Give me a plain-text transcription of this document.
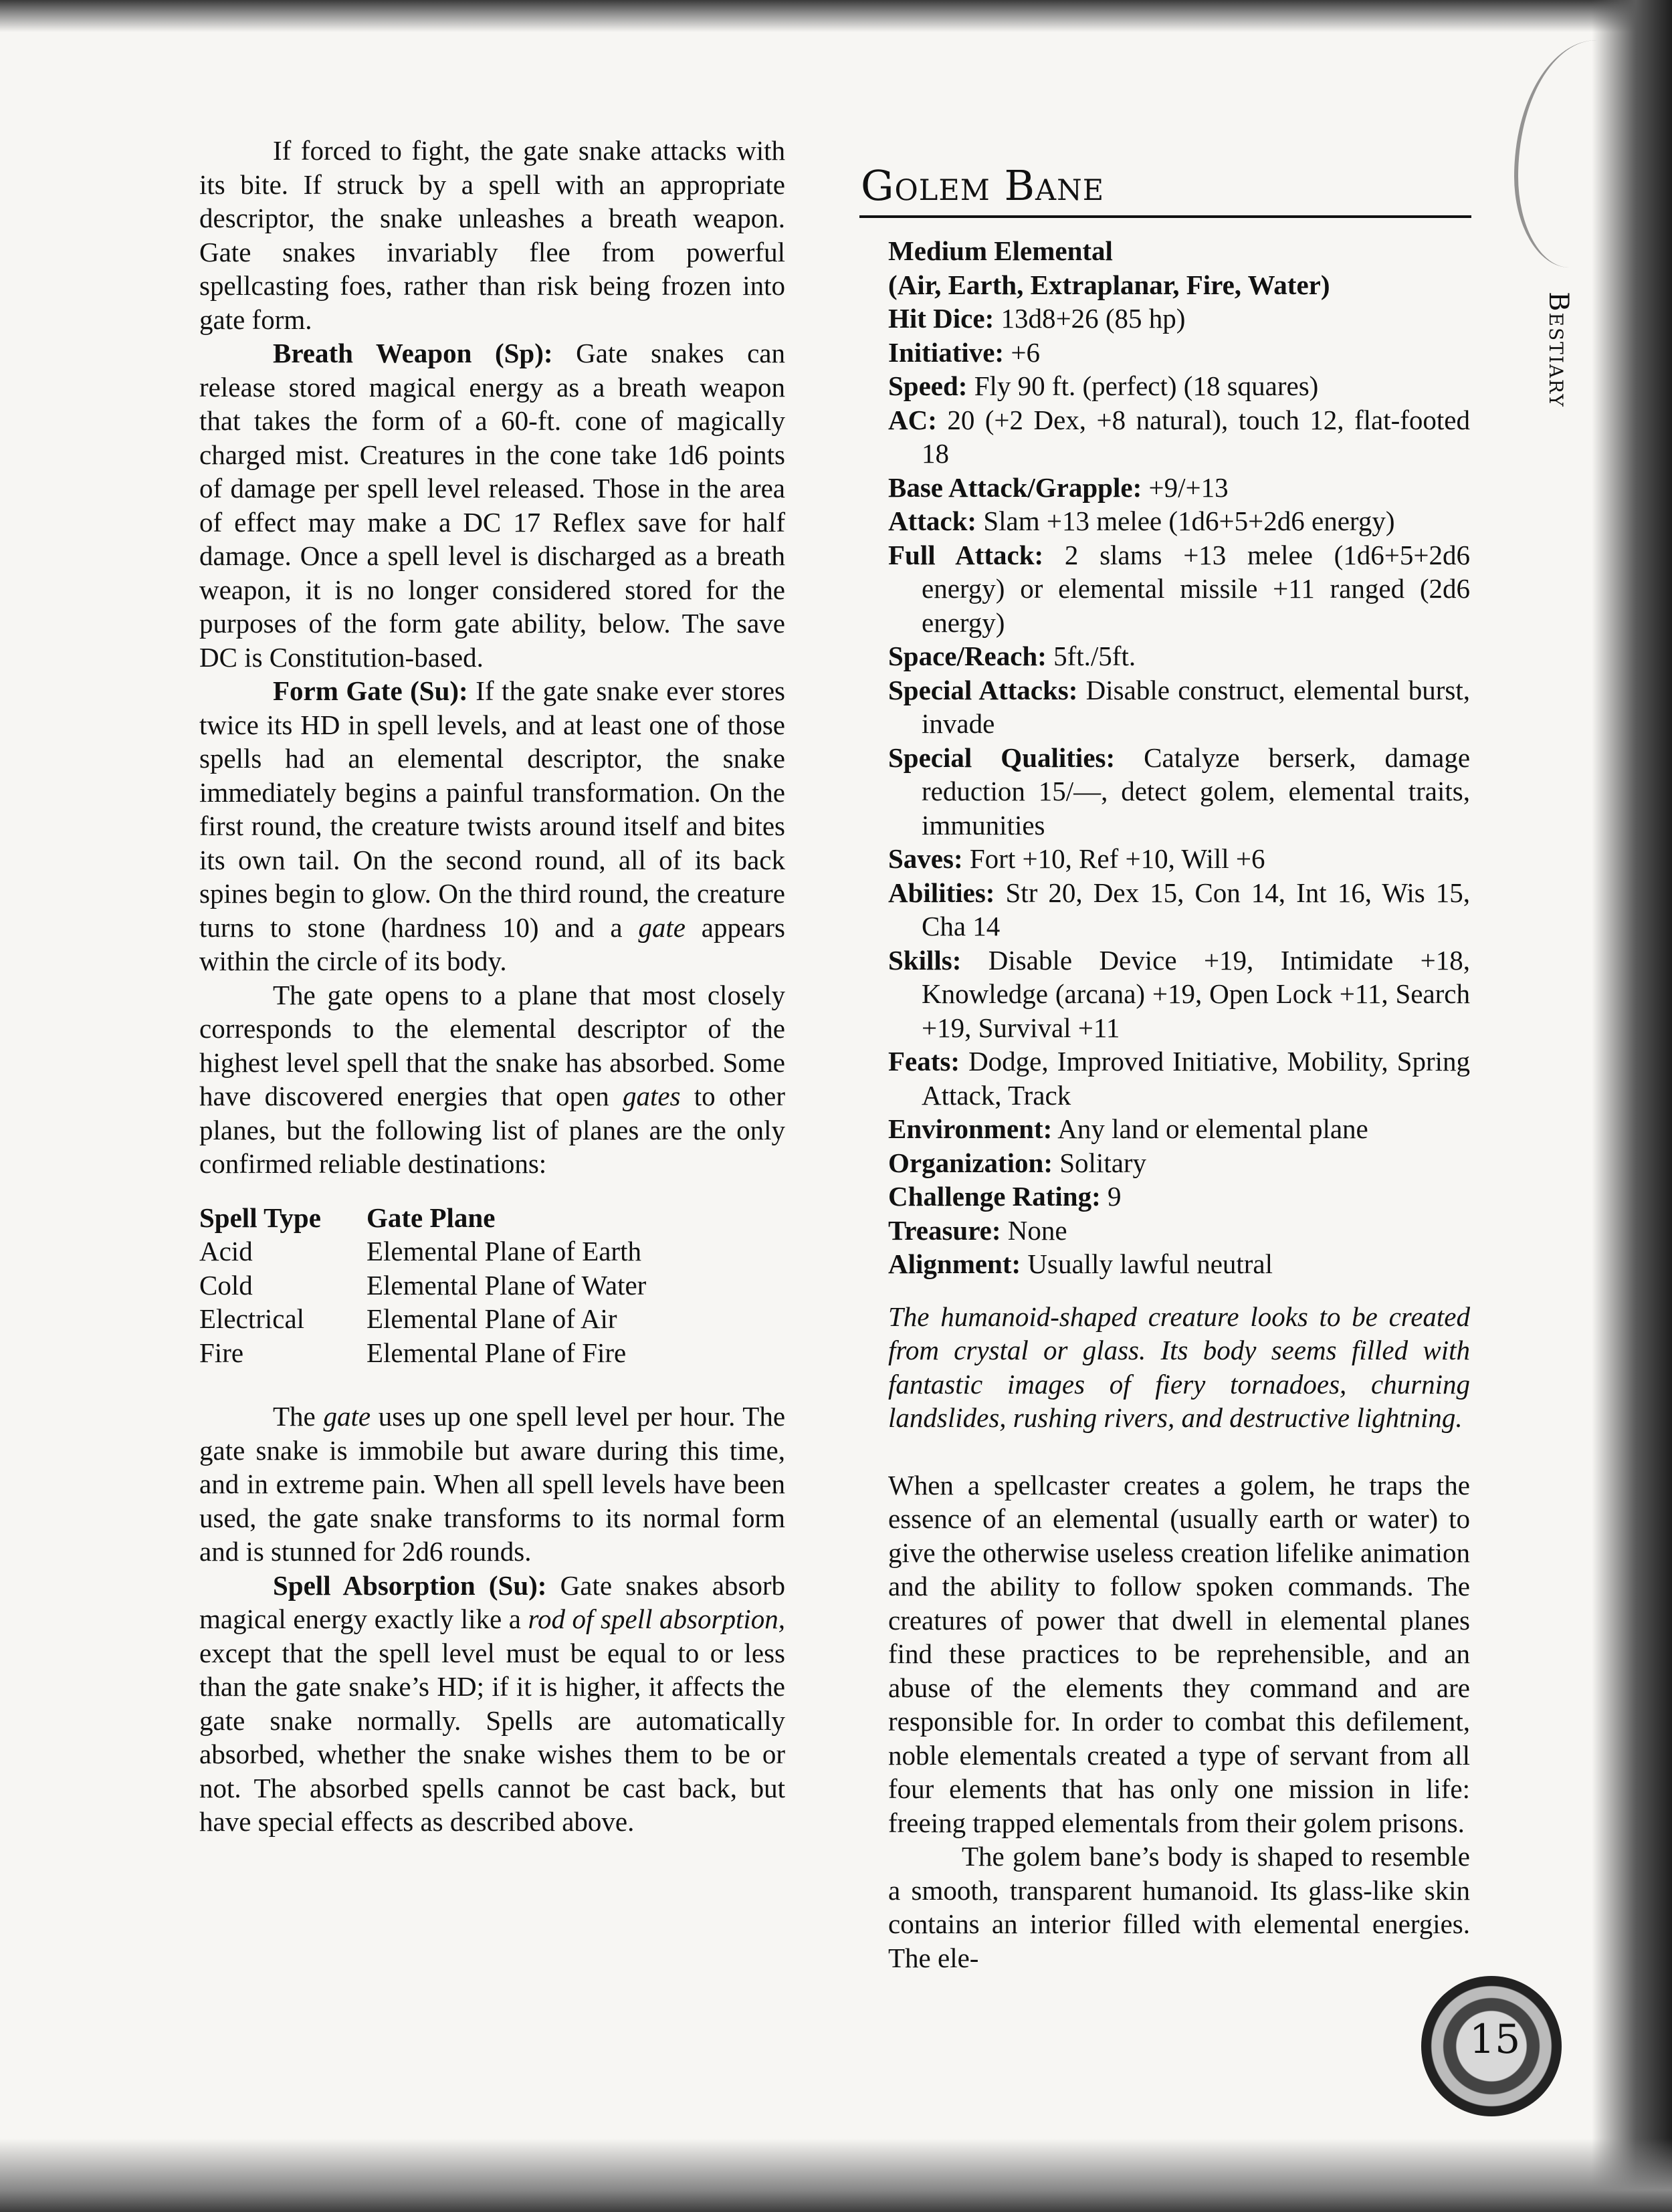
If forced to fight, the gate snake attacks with its bite. If struck by a spell with an appropriate descriptor, the snake unleashes a breath weapon. Gate snakes invariably flee from powerful spellcasting foes, rather than risk being frozen into gate form.

Breath Weapon (Sp): Gate snakes can release stored magical energy as a breath weapon that takes the form of a 60-ft. cone of magically charged mist. Creatures in the cone take 1d6 points of damage per spell level released. Those in the area of effect may make a DC 17 Reflex save for half damage. Once a spell level is discharged as a breath weapon, it is no longer considered stored for the purposes of the form gate ability, below. The save DC is Constitution-based.

Form Gate (Su): If the gate snake ever stores twice its HD in spell levels, and at least one of those spells had an elemental descriptor, the snake immediately begins a painful transformation. On the first round, the creature twists around itself and bites its own tail. On the second round, all of its back spines begin to glow. On the third round, the creature turns to stone (hardness 10) and a gate appears within the circle of its body.

The gate opens to a plane that most closely corresponds to the elemental descriptor of the highest level spell that the snake has absorbed. Some have discovered energies that open gates to other planes, but the following list of planes are the only confirmed reliable destinations:

Spell Type	Gate Plane
Acid	Elemental Plane of Earth
Cold	Elemental Plane of Water
Electrical	Elemental Plane of Air
Fire	Elemental Plane of Fire

The gate uses up one spell level per hour. The gate snake is immobile but aware during this time, and in extreme pain. When all spell levels have been used, the gate snake transforms to its normal form and is stunned for 2d6 rounds.

Spell Absorption (Su): Gate snakes absorb magical energy exactly like a rod of spell absorption, except that the spell level must be equal to or less than the gate snake’s HD; if it is higher, it affects the gate snake normally. Spells are automatically absorbed, whether the snake wishes them to be or not. The absorbed spells cannot be cast back, but have special effects as described above.

Golem Bane

Medium Elemental

(Air, Earth, Extraplanar, Fire, Water)

Hit Dice: 13d8+26 (85 hp)

Initiative: +6

Speed: Fly 90 ft. (perfect) (18 squares)

AC: 20 (+2 Dex, +8 natural), touch 12, flat-footed 18

Base Attack/Grapple: +9/+13

Attack: Slam +13 melee (1d6+5+2d6 energy)

Full Attack: 2 slams +13 melee (1d6+5+2d6 energy) or elemental missile +11 ranged (2d6 energy)

Space/Reach: 5ft./5ft.

Special Attacks: Disable construct, elemental burst, invade

Special Qualities: Catalyze berserk, damage reduction 15/—, detect golem, elemental traits, immunities

Saves: Fort +10, Ref +10, Will +6

Abilities: Str 20, Dex 15, Con 14, Int 16, Wis 15, Cha 14

Skills: Disable Device +19, Intimidate +18, Knowledge (arcana) +19, Open Lock +11, Search +19, Survival +11

Feats: Dodge, Improved Initiative, Mobility, Spring Attack, Track

Environment: Any land or elemental plane

Organization: Solitary

Challenge Rating: 9

Treasure: None

Alignment: Usually lawful neutral

The humanoid-shaped creature looks to be created from crystal or glass. Its body seems filled with fantastic images of fiery tornadoes, churning landslides, rushing rivers, and destructive lightning.

When a spellcaster creates a golem, he traps the essence of an elemental (usually earth or water) to give the otherwise useless creation lifelike animation and the ability to follow spoken commands. The creatures of power that dwell in elemental planes find these practices to be reprehensible, and an abuse of the elements they command and are responsible for. In order to combat this defilement, noble elementals created a type of servant from all four elements that has only one mission in life: freeing trapped elementals from their golem prisons.

The golem bane’s body is shaped to resemble a smooth, transparent humanoid. Its glass-like skin contains an interior filled with elemental energies. The ele-

Bestiary
15
